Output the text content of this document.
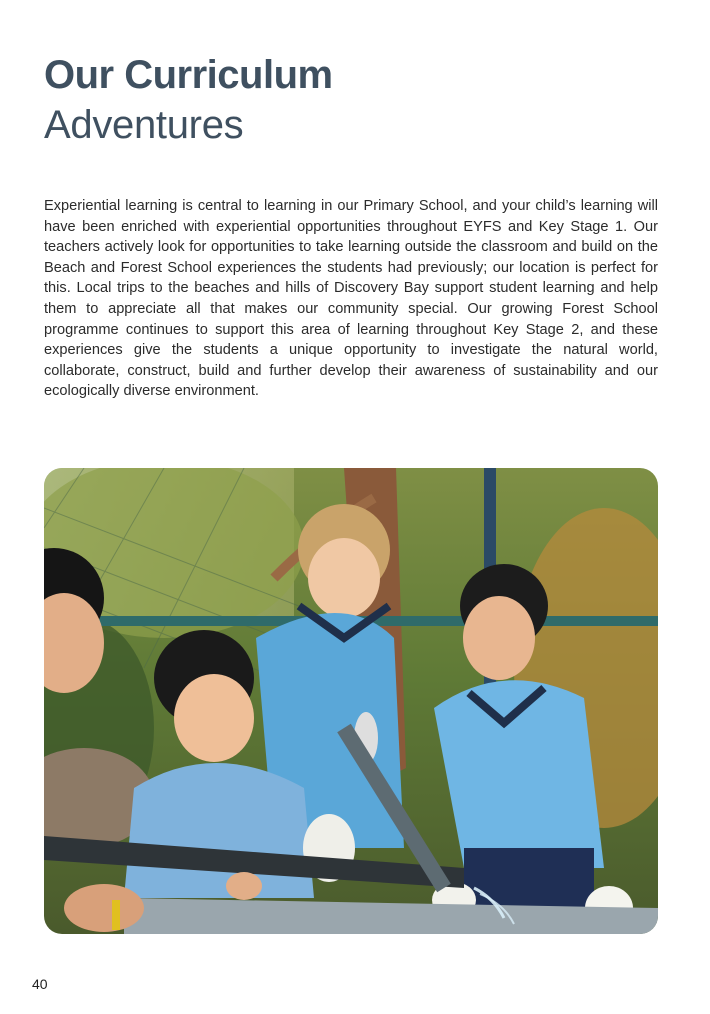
Our Curriculum
Adventures

Experiential learning is central to learning in our Primary School, and your child’s learning will have been enriched with experiential opportunities throughout EYFS and Key Stage 1. Our teachers actively look for opportunities to take learning outside the classroom and build on the Beach and Forest School experiences the students had previously; our location is perfect for this. Local trips to the beaches and hills of Discovery Bay support student learning and help them to appreciate all that makes our community special. Our growing Forest School programme continues to support this area of learning throughout Key Stage 2, and these experiences give the students a unique opportunity to investigate the natural world, collaborate, construct, build and further develop their awareness of sustainability and our ecologically diverse environment.

40
